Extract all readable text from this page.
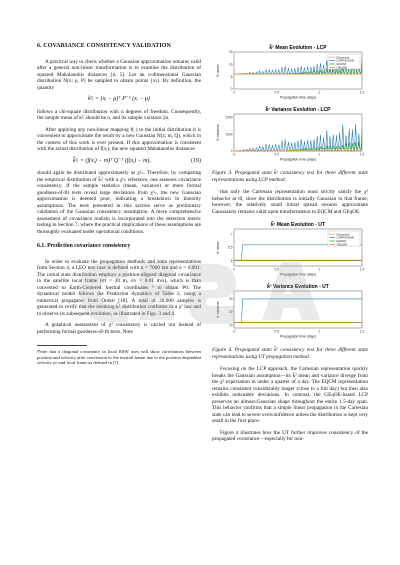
6. COVARIANCE CONSISTENCY VALIDATION

A practical way to check whether a Gaussian approximation remains valid after a general non-linear transformation is to examine the distribution of squared Mahalanobis distances [4, 5]. Let an n-dimensional Gaussian distribution N(x; μ, P) be sampled to obtain points {xi}. By definition, the quantity

k²ᵢ = (xᵢ − μ)ᵀ P⁻¹ (xᵢ − μ)

follows a chi-square distribution with n degrees of freedom. Consequently, the sample mean of k²ᵢ should be n, and its sample variance 2n.

After applying any non-linear mapping f(·) to the initial distribution it is convenient to approximate the result by a new Gaussian N(z; m, Q), which in the context of this work is ever present. If this approximation is consistent with the actual distribution of f(xᵢ), the new squared Mahalanobis distances

k̂²ᵢ = (f(xᵢ) − m)ᵀ Q⁻¹ (f(xᵢ) − m),	(19)

should again be distributed approximately as χ²ₙ. Therefore, by comparing the empirical distribution of k̂²ᵢ with a χ²ₙ reference, one assesses covariance consistency. If the sample statistics (mean, variance) or more formal goodness-of-fit tests reveal large deviations from χ²ₙ, the new Gaussian approximation is deemed poor, indicating a breakdown in linearity assumptions. The tests presented in this section serve as preliminary validation of the Gaussian consistency assumption. A more comprehensive assessment of covariance realism is incorporated into the detection metric testing in Section 7, where the practical implications of these assumptions are thoroughly evaluated under operational conditions.

6.1. Prediction covariance consistency

In order to evaluate the propagation methods and state representations from Section 4, a LEO test case is defined with a = 7000 km and e = 0.001. The initial state distribution employs a position-aligned diagonal covariance in the satellite local frame (σr = 20 m, σv = 0.01 m/s), which is than converted to Earth-Centered Inertial coordinates ² to obtain P0. The dynamical model follows the Prediction dynamics of Table 2, using a numerical propagator from Orekit [18]. A total of 20,000 samples is generated to verify that the resulting k̂² distribution conforms to a χ² law and to observe its subsequent evolution, as illustrated in Figs. 3 and 4.

A graphical assessment of χ² consistency is carried out instead of performing formal goodness-of-fit tests. Note

²Note that a diagonal covariance in local RSW axes will show correlations between position and velocity after conversion to the inertial frame due to the position dependent velocity of said local frame as defined in [7].
k̂² Mean Evolution - LCP
0	0.5	1	1.5
0
5
10
15
Propagation time (days)
k̂² mean
Expected
CARTESIAN
EQCM
GEqOE
k̂² Variance Evolution - LCP
0	0.5	1	1.5
0
1000
2000
Propagation time (days)
k̂² variance
Figure 3. Propagated state k̂² consistency test for three different state representations using LCP method.

that only the Cartesian representation must strictly satisfy the χ² behavior at t0, since the distribution is initially Gaussian in that frame; however, the relatively small initial spread ensures approximate Gaussianity remains valid upon transformation to EQCM and GEqOE.

k̂² Mean Evolution - UT
0	0.5	1	1.5
6
6.5
7
Propagation time (days)
k̂² mean
Expected
CARTESIAN
EQCM
GEqOE
k̂² Variance Evolution - UT
0	0.5	1	1.5
10
20
30
Propagation time (days)
k̂² variance
Figure 4. Propagated state k̂² consistency test for three different state representations using UT propagation method.

Focusing on the LCP approach, the Cartesian representation quickly breaks the Gaussian assumption—its k̂² mean and variance diverge from the χ² expectation in under a quarter of a day. The EQCM representation remains consistent considerably longer (close to a full day) but then also exhibits noticeable deviations. In contrast, the GEqOE-based LCP preserves an almost-Gaussian shape throughout the entire 1.5-day span. This behavior confirms that a simple linear propagation in the Cartesian state can lead to severe overconfidence unless the distribution is kept very small in the first place.

Figure 4 illustrates how the UT further improves consistency of the propagated covariance—especially for non-
